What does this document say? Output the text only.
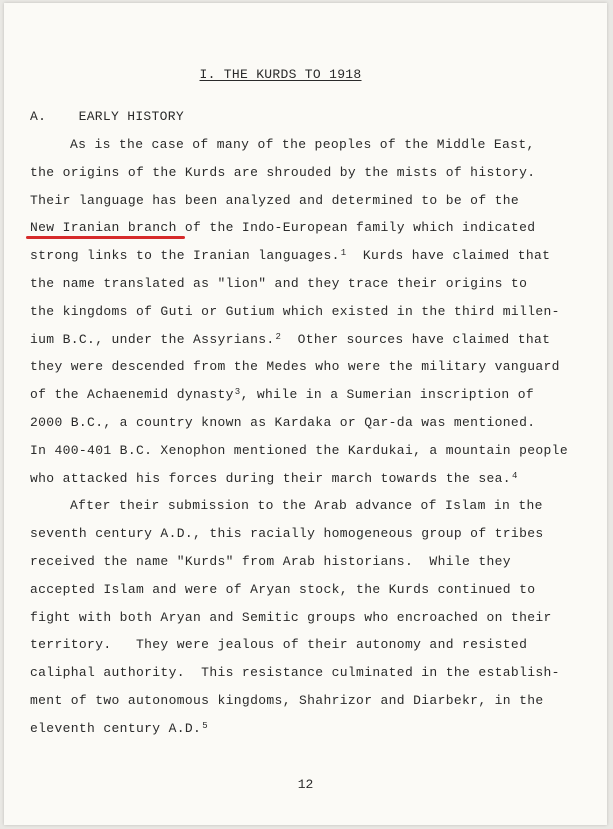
I. THE KURDS TO 1918
A.    EARLY HISTORY
As is the case of many of the peoples of the Middle East,
the origins of the Kurds are shrouded by the mists of history.
Their language has been analyzed and determined to be of the
New Iranian branch of the Indo-European family which indicated
strong links to the Iranian languages.$^1$  Kurds have claimed that
the name translated as "lion" and they trace their origins to
the kingdoms of Guti or Gutium which existed in the third millen-
ium B.C., under the Assyrians.$^2$  Other sources have claimed that
they were descended from the Medes who were the military vanguard
of the Achaenemid dynasty$^3$, while in a Sumerian inscription of
2000 B.C., a country known as Kardaka or Qar-da was mentioned.
In 400-401 B.C. Xenophon mentioned the Kardukai, a mountain people
who attacked his forces during their march towards the sea.$^4$
After their submission to the Arab advance of Islam in the
seventh century A.D., this racially homogeneous group of tribes
received the name "Kurds" from Arab historians.  While they
accepted Islam and were of Aryan stock, the Kurds continued to
fight with both Aryan and Semitic groups who encroached on their
territory.   They were jealous of their autonomy and resisted
caliphal authority.  This resistance culminated in the establish-
ment of two autonomous kingdoms, Shahrizor and Diarbekr, in the
eleventh century A.D.$^5$
12
